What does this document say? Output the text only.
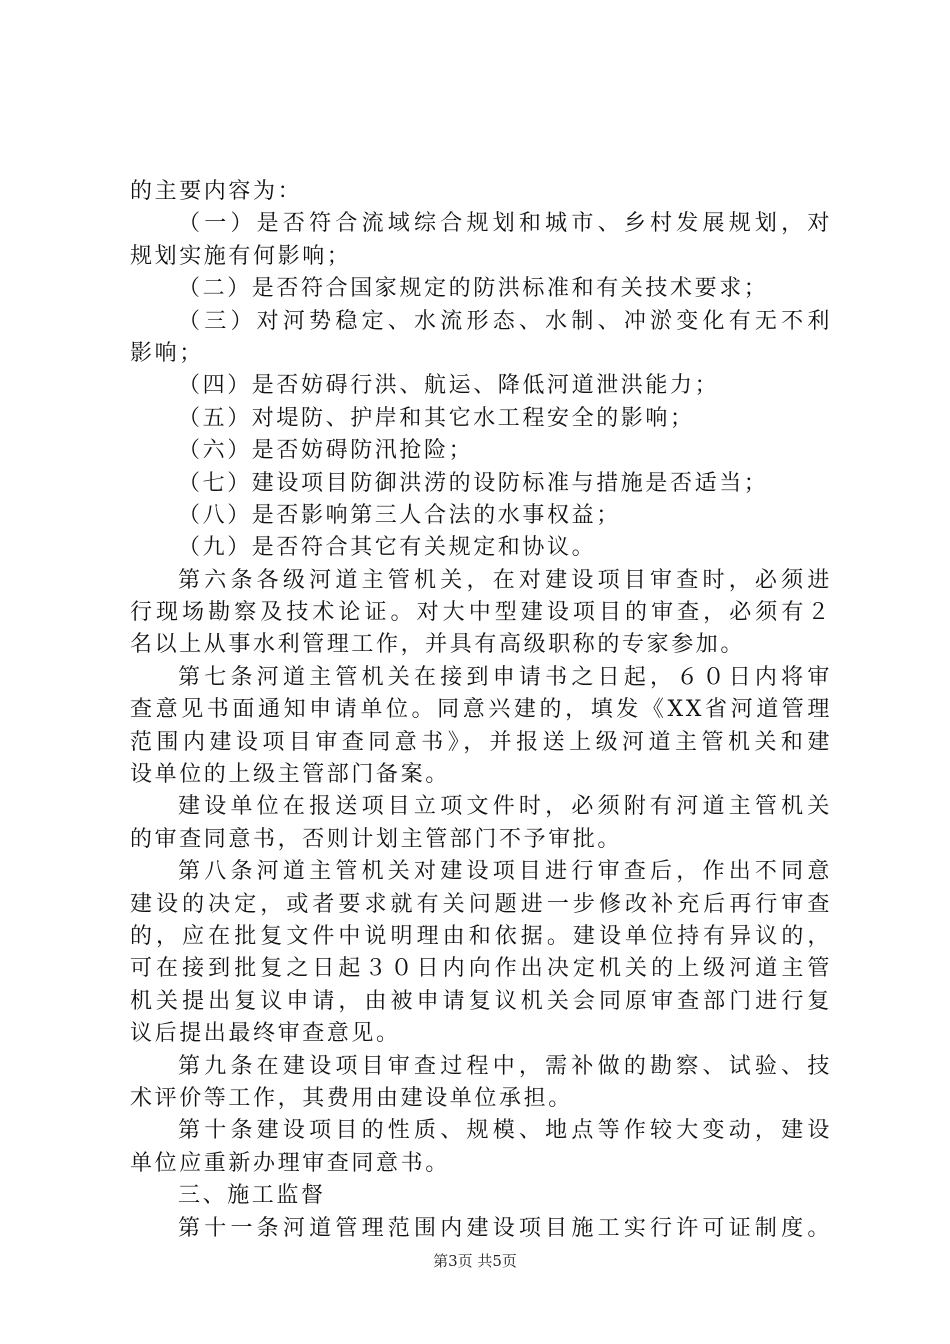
的主要内容为：
（一）是否符合流域综合规划和城市、乡村发展规划，对
规划实施有何影响；
（二）是否符合国家规定的防洪标准和有关技术要求；
（三）对河势稳定、水流形态、水制、冲淤变化有无不利
影响；
（四）是否妨碍行洪、航运、降低河道泄洪能力；
（五）对堤防、护岸和其它水工程安全的影响；
（六）是否妨碍防汛抢险；
（七）建设项目防御洪涝的设防标准与措施是否适当；
（八）是否影响第三人合法的水事权益；
（九）是否符合其它有关规定和协议。
第六条各级河道主管机关，在对建设项目审查时，必须进
行现场勘察及技术论证。对大中型建设项目的审查，必须有２
名以上从事水利管理工作，并具有高级职称的专家参加。
第七条河道主管机关在接到申请书之日起，６０日内将审
查意见书面通知申请单位。同意兴建的，填发《XX省河道管理
范围内建设项目审查同意书》，并报送上级河道主管机关和建
设单位的上级主管部门备案。
建设单位在报送项目立项文件时，必须附有河道主管机关
的审查同意书，否则计划主管部门不予审批。
第八条河道主管机关对建设项目进行审查后，作出不同意
建设的决定，或者要求就有关问题进一步修改补充后再行审查
的，应在批复文件中说明理由和依据。建设单位持有异议的，
可在接到批复之日起３０日内向作出决定机关的上级河道主管
机关提出复议申请，由被申请复议机关会同原审查部门进行复
议后提出最终审查意见。
第九条在建设项目审查过程中，需补做的勘察、试验、技
术评价等工作，其费用由建设单位承担。
第十条建设项目的性质、规模、地点等作较大变动，建设
单位应重新办理审查同意书。
三、施工监督
第十一条河道管理范围内建设项目施工实行许可证制度。
第3页 共5页
